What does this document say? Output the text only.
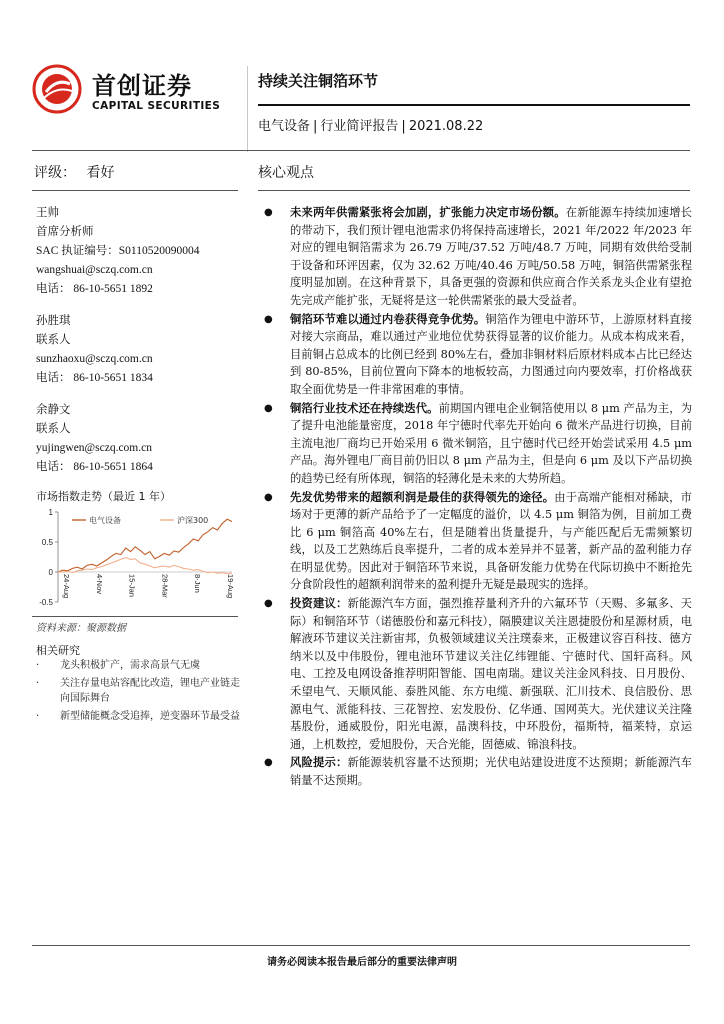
首创证券
CAPITAL SECURITIES
持续关注铜箔环节
电气设备 | 行业简评报告 | 2021.08.22
评级： 看好	核心观点
王帅
首席分析师
SAC 执证编号：S0110520090004
wangshuai@sczq.com.cn
电话： 86-10-5651 1892
孙胜琪
联系人
sunzhaoxu@sczq.com.cn
电话： 86-10-5651 1834
余静文
联系人
yujingwen@sczq.com.cn
电话： 86-10-5651 1864
市场指数走势（最近 1 年）
1
0.5
0
-0.5
24-Aug	4-Nov	15-Jan	28-Mar	8-Jun	19-Aug
电气设备	沪深300
资料来源：聚源数据
相关研究
· 龙头积极扩产，需求高景气无虞
· 关注存量电站容配比改造，锂电产业链走向国际舞台
· 新型储能概念受追捧，逆变器环节最受益
● 未来两年供需紧张将会加剧，扩张能力决定市场份额。在新能源车持续加速增长的带动下，我们预计锂电池需求仍将保持高速增长，2021 年/2022 年/2023 年对应的锂电铜箔需求为 26.79 万吨/37.52 万吨/48.7 万吨，同期有效供给受制于设备和环评因素，仅为 32.62 万吨/40.46 万吨/50.58 万吨，铜箔供需紧张程度明显加剧。在这种背景下，具备更强的资源和供应商合作关系龙头企业有望抢先完成产能扩张，无疑将是这一轮供需紧张的最大受益者。
● 铜箔环节难以通过内卷获得竞争优势。铜箔作为锂电中游环节，上游原材料直接对接大宗商品，难以通过产业地位优势获得显著的议价能力。从成本构成来看，目前铜占总成本的比例已经到 80%左右，叠加非铜材料后原材料成本占比已经达到 80-85%，目前位置向下降本的地板较高，力图通过向内要效率，打价格战获取全面优势是一件非常困难的事情。
● 铜箔行业技术还在持续迭代。前期国内锂电企业铜箔使用以 8 μm 产品为主，为了提升电池能量密度，2018 年宁德时代率先开始向 6 微米产品进行切换，目前主流电池厂商均已开始采用 6 微米铜箔，且宁德时代已经开始尝试采用 4.5 μm 产品。海外锂电厂商目前仍旧以 8 μm 产品为主，但是向 6 μm 及以下产品切换的趋势已经有所体现，铜箔的轻薄化是未来的大势所趋。
● 先发优势带来的超额利润是最佳的获得领先的途径。由于高端产能相对稀缺，市场对于更薄的新产品给予了一定幅度的溢价，以 4.5 μm 铜箔为例，目前加工费比 6 μm 铜箔高 40%左右，但是随着出货量提升，与产能匹配后无需频繁切线，以及工艺熟练后良率提升，二者的成本差异并不显著，新产品的盈利能力存在明显优势。因此对于铜箔环节来说，具备研发能力优势在代际切换中不断抢先分食阶段性的超额利润带来的盈利提升无疑是最现实的选择。
● 投资建议：新能源汽车方面，强烈推荐量利齐升的六氟环节（天赐、多氟多、天际）和铜箔环节（诺德股份和嘉元科技），隔膜建议关注恩捷股份和星源材质，电解液环节建议关注新宙邦，负极领域建议关注璞泰来，正极建议容百科技、德方纳米以及中伟股份，锂电池环节建议关注亿纬锂能、宁德时代、国轩高科。风电、工控及电网设备推荐明阳智能、国电南瑞。建议关注金风科技、日月股份、禾望电气、天顺风能、泰胜风能、东方电缆、新强联、汇川技术、良信股份、思源电气、派能科技、三花智控、宏发股份、亿华通、国网英大。光伏建议关注隆基股份，通威股份，阳光电源，晶澳科技，中环股份，福斯特，福莱特，京运通，上机数控，爱旭股份，天合光能，固德威、锦浪科技。
● 风险提示：新能源装机容量不达预期；光伏电站建设进度不达预期；新能源汽车销量不达预期。
请务必阅读本报告最后部分的重要法律声明
